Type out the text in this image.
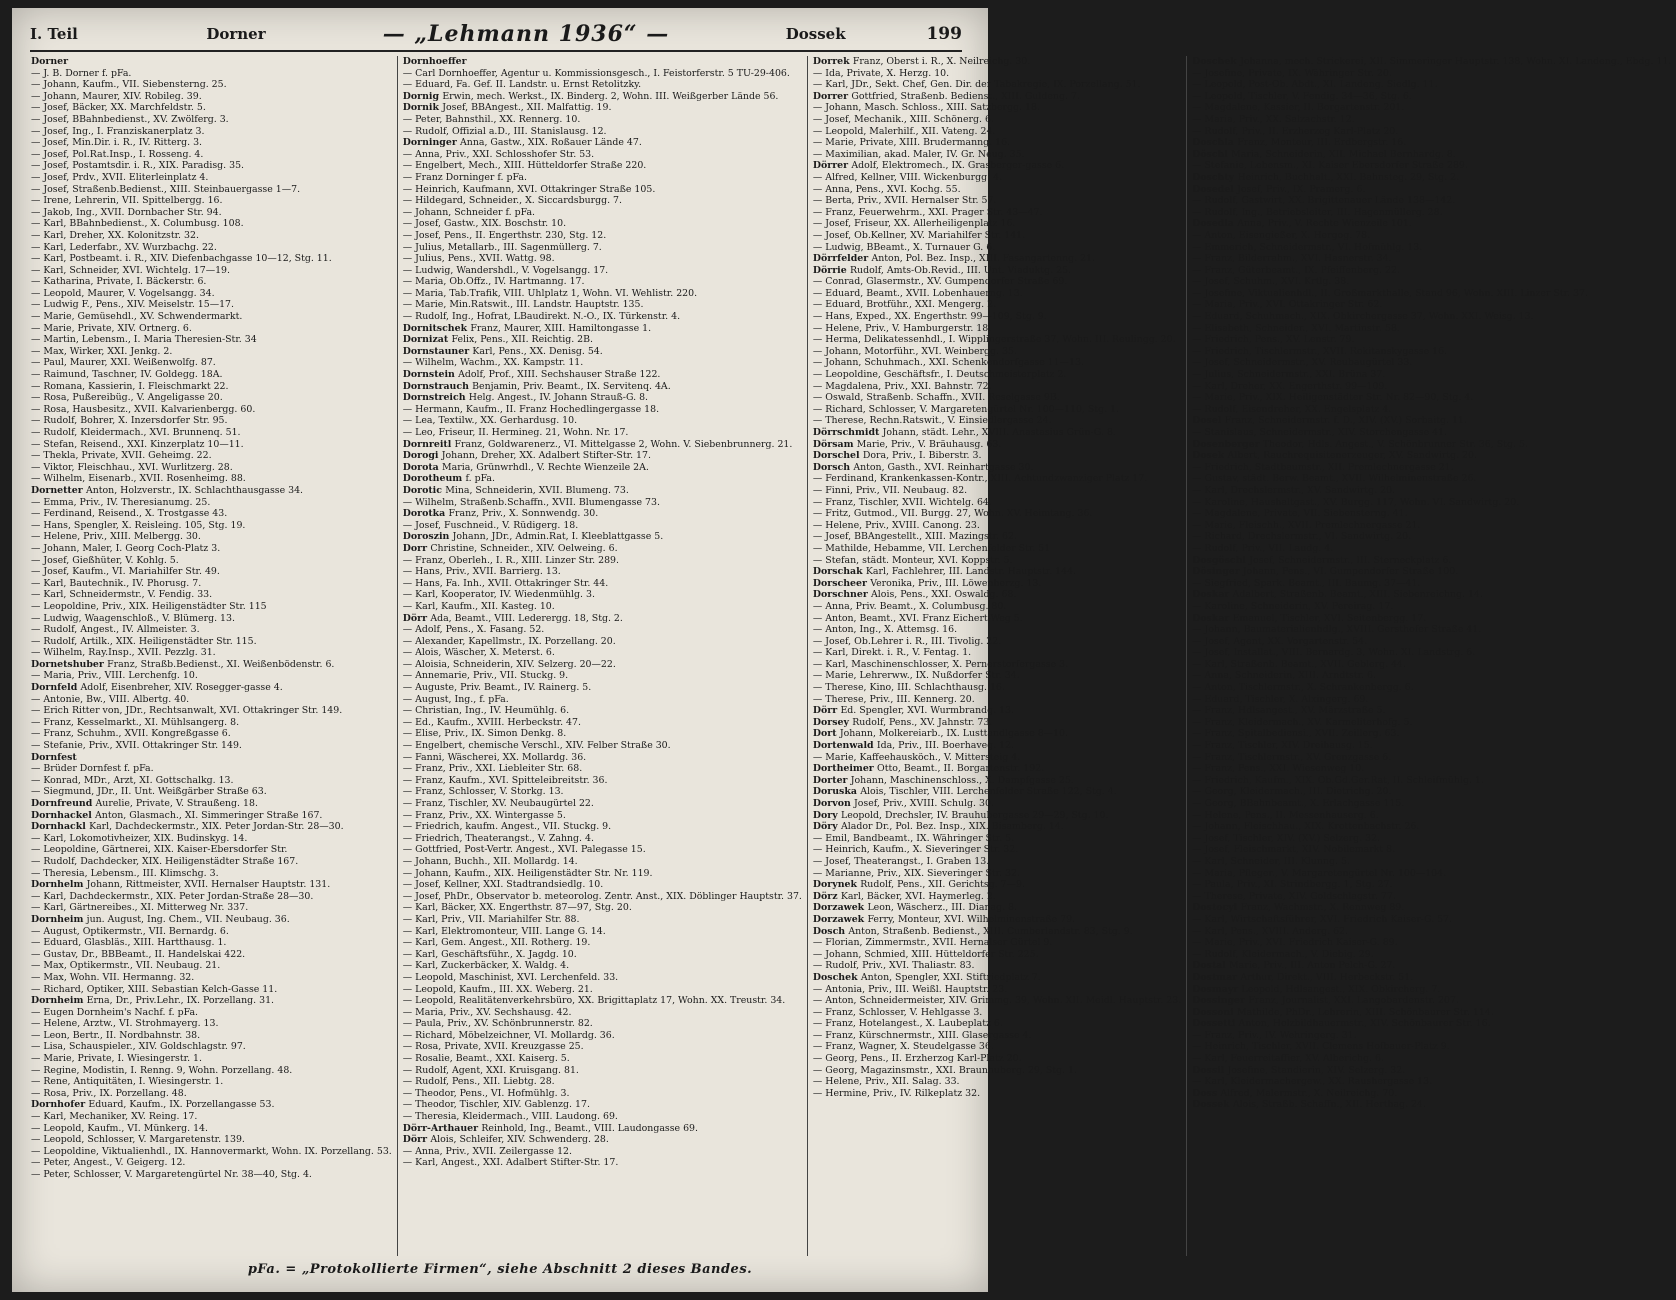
I. Teil	Dorner	— „Lehmann 1936“ —	Dossek	199
Dorner
— J. B. Dorner f. pFa.
— Johann, Kaufm., VII. Siebensterng. 25.
— Johann, Maurer, XIV. Robileg. 39.
— Josef, Bäcker, XX. Marchfeldstr. 5.
— Josef, BBahnbedienst., XV. Zwölferg. 3.
— Josef, Ing., I. Franziskanerplatz 3.
— Josef, Min.Dir. i. R., IV. Ritterg. 3.
— Josef, Pol.Rat.Insp., I. Rosseng. 4.
— Josef, Postamtsdir. i. R., XIX. Paradisg. 35.
— Josef, Prdv., XVII. Eliterleinplatz 4.
— Josef, Straßenb.Bedienst., XIII. Steinbauergasse 1—7.
— Irene, Lehrerin, VII. Spittelbergg. 16.
— Jakob, Ing., XVII. Dornbacher Str. 94.
— Karl, BBahnbedienst., X. Columbusg. 108.
— Karl, Dreher, XX. Kolonitzstr. 32.
— Karl, Lederfabr., XV. Wurzbachg. 22.
— Karl, Postbeamt. i. R., XIV. Diefenbachgasse 10—12, Stg. 11.
— Karl, Schneider, XVI. Wichtelg. 17—19.
— Katharina, Private, I. Bäckerstr. 6.
— Leopold, Maurer, V. Vogelsangg. 34.
— Ludwig F., Pens., XIV. Meiselstr. 15—17.
— Marie, Gemüsehdl., XV. Schwendermarkt.
— Marie, Private, XIV. Ortnerg. 6.
— Martin, Lebensm., I. Maria Theresien-Str. 34
— Max, Wirker, XXI. Jenkg. 2.
— Paul, Maurer, XXI. Weißenwolfg. 87.
— Raimund, Taschner, IV. Goldegg. 18A.
— Romana, Kassierin, I. Fleischmarkt 22.
— Rosa, Pußereibüg., V. Angeligasse 20.
— Rosa, Hausbesitz., XVII. Kalvarienbergg. 60.
— Rudolf, Bohrer, X. Inzersdorfer Str. 95.
— Rudolf, Kleidermach., XVI. Brunnenq. 51.
— Stefan, Reisend., XXI. Kinzerplatz 10—11.
— Thekla, Private, XVII. Geheimg. 22.
— Viktor, Fleischhau., XVI. Wurlitzerg. 28.
— Wilhelm, Eisenarb., XVII. Rosenheimg. 88.
Dornetter Anton, Holzverstr., IX. Schlachthausgasse 34.
— Emma, Priv., IV. Theresianumg. 25.
— Ferdinand, Reisend., X. Trostgasse 43.
— Hans, Spengler, X. Reisleing. 105, Stg. 19.
— Helene, Priv., XIII. Melbergg. 30.
— Johann, Maler, I. Georg Coch-Platz 3.
— Josef, Gießhüter, V. Kohlg. 5.
— Josef, Kaufm., VI. Mariahilfer Str. 49.
— Karl, Bautechnik., IV. Phorusg. 7.
— Karl, Schneidermstr., V. Fendig. 33.
— Leopoldine, Priv., XIX. Heiligenstädter Str. 115
— Ludwig, Waagenschloß., V. Blümerg. 13.
— Rudolf, Angest., IV. Allmeister. 3.
— Rudolf, Artilk., XIX. Heiligenstädter Str. 115.
— Wilhelm, Ray.Insp., XVII. Pezzlg. 31.
Dornetshuber Franz, Straßb.Bedienst., XI. Weißenbödenstr. 6.
— Maria, Priv., VIII. Lerchenfg. 10.
Dornfeld Adolf, Eisenbreher, XIV. Rosegger-gasse 4.
— Antonie, Bw., VIII. Albertg. 40.
— Erich Ritter von, JDr., Rechtsanwalt, XVI. Ottakringer Str. 149.
— Franz, Kesselmarkt., XI. Mühlsangerg. 8.
— Franz, Schuhm., XVII. Kongreßgasse 6.
— Stefanie, Priv., XVII. Ottakringer Str. 149.
Dornfest
— Brüder Dornfest f. pFa.
— Konrad, MDr., Arzt, XI. Gottschalkg. 13.
— Siegmund, JDr., II. Unt. Weißgärber Straße 63.
Dornfreund Aurelie, Private, V. Straußeng. 18.
Dornhackel Anton, Glasmach., XI. Simmeringer Straße 167.
Dornhackl Karl, Dachdeckermstr., XIX. Peter Jordan-Str. 28—30.
— Karl, Lokomotivheizer, XIX. Budinskyg. 14.
— Leopoldine, Gärtnerei, XIX. Kaiser-Ebersdorfer Str.
— Rudolf, Dachdecker, XIX. Heiligenstädter Straße 167.
— Theresia, Lebensm., III. Klimschg. 3.
Dornhelm Johann, Rittmeister, XVII. Hernalser Hauptstr. 131.
— Karl, Dachdeckermstr., XIX. Peter Jordan-Straße 28—30.
— Karl, Gärtnereibes., XI. Mitterweg Nr. 337.
Dornheim jun. August, Ing. Chem., VII. Neubaug. 36.
— August, Optikermstr., VII. Bernardg. 6.
— Eduard, Glasbläs., XIII. Hartthausg. 1.
— Gustav, Dr., BBBeamt., II. Handelskai 422.
— Max, Optikermstr., VII. Neubaug. 21.
— Max, Wohn. VII. Hermanng. 32.
— Richard, Optiker, XIII. Sebastian Kelch-Gasse 11.
Dornheim Erna, Dr., Priv.Lehr., IX. Porzellang. 31.
— Eugen Dornheim's Nachf. f. pFa.
— Helene, Arztw., VI. Strohmayerg. 13.
— Leon, Bertr., II. Nordbahnstr. 38.
— Lisa, Schauspieler., XIV. Goldschlagstr. 97.
— Marie, Private, I. Wiesingerstr. 1.
— Regine, Modistin, I. Renng. 9, Wohn. Porzellang. 48.
— Rene, Antiquitäten, I. Wiesingerstr. 1.
— Rosa, Priv., IX. Porzellang. 48.
Dornhofer Eduard, Kaufm., IX. Porzellangasse 53.
— Karl, Mechaniker, XV. Reing. 17.
— Leopold, Kaufm., VI. Münkerg. 14.
— Leopold, Schlosser, V. Margaretenstr. 139.
— Leopoldine, Viktualienhdl., IX. Hannovermarkt, Wohn. IX. Porzellang. 53.
— Peter, Angest., V. Geigerg. 12.
— Peter, Schlosser, V. Margaretengürtel Nr. 38—40, Stg. 4.
Dornhoeffer
— Carl Dornhoeffer, Agentur u. Kommissionsgesch., I. Feistorferstr. 5 TU-29-406.
— Eduard, Fa. Gef. II. Landstr. u. Ernst Retolitzky.
Dornig Erwin, mech. Werkst., IX. Binderg. 2, Wohn. III. Weißgerber Lände 56.
Dornik Josef, BBAngest., XII. Malfattig. 19.
— Peter, Bahnsthil., XX. Rennerg. 10.
— Rudolf, Offizial a.D., III. Stanislausg. 12.
Dorninger Anna, Gastw., XIX. Roßauer Lände 47.
— Anna, Priv., XXI. Schlosshofer Str. 53.
— Engelbert, Mech., XIII. Hütteldorfer Straße 220.
— Franz Dorninger f. pFa.
— Heinrich, Kaufmann, XVI. Ottakringer Straße 105.
— Hildegard, Schneider., X. Siccardsburgg. 7.
— Johann, Schneider f. pFa.
— Josef, Gastw., XIX. Boschstr. 10.
— Josef, Pens., II. Engerthstr. 230, Stg. 12.
— Julius, Metallarb., III. Sagenmüllerg. 7.
— Julius, Pens., XVII. Wattg. 98.
— Ludwig, Wandershdl., V. Vogelsangg. 17.
— Maria, Ob.Offz., IV. Hartmanng. 17.
— Maria, Tab.Trafik, VIII. Uhlplatz 1, Wohn. VI. Wehlistr. 220.
— Marie, Min.Ratswit., III. Landstr. Hauptstr. 135.
— Rudolf, Ing., Hofrat, LBaudirekt. N.-O., IX. Türkenstr. 4.
Dornitschek Franz, Maurer, XIII. Hamiltongasse 1.
Dornizat Felix, Pens., XII. Reichtig. 2B.
Dornstauner Karl, Pens., XX. Denisg. 54.
— Wilhelm, Wachm., XX. Kampstr. 11.
Dornstein Adolf, Prof., XIII. Sechshauser Straße 122.
Dornstrauch Benjamin, Priv. Beamt., IX. Servitenq. 4A.
Dornstreich Helg. Angest., IV. Johann Strauß-G. 8.
— Hermann, Kaufm., II. Franz Hochedlingergasse 18.
— Lea, Textilw., XX. Gerhardusg. 10.
— Leo, Friseur, II. Hermineg. 21, Wohn. Nr. 17.
Dornreitl Franz, Goldwarenerz., VI. Mittelgasse 2, Wohn. V. Siebenbrunnerg. 21.
Dorogi Johann, Dreher, XX. Adalbert Stifter-Str. 17.
Dorota Maria, Grünwrhdl., V. Rechte Wienzeile 2A.
Dorotheum f. pFa.
Dorotic Mina, Schneiderin, XVII. Blumeng. 73.
— Wilhelm, Straßenb.Schaffn., XVII. Blumengasse 73.
Dorotka Franz, Priv., X. Sonnwendg. 30.
— Josef, Fuschneid., V. Rüdigerg. 18.
Doroszin Johann, JDr., Admin.Rat, I. Kleeblattgasse 5.
Dorr Christine, Schneider., XIV. Oelweing. 6.
— Franz, Oberleh., I. R., XIII. Linzer Str. 289.
— Hans, Priv., XVII. Barrierg. 13.
— Hans, Fa. Inh., XVII. Ottakringer Str. 44.
— Karl, Kooperator, IV. Wiedenmühlg. 3.
— Karl, Kaufm., XII. Kasteg. 10.
Dörr Ada, Beamt., VIII. Lederergg. 18, Stg. 2.
— Adolf, Pens., X. Fasang. 52.
— Alexander, Kapellmstr., IX. Porzellang. 20.
— Alois, Wäscher, X. Meterst. 6.
— Aloisia, Schneiderin, XIV. Selzerg. 20—22.
— Annemarie, Priv., VII. Stuckg. 9.
— Auguste, Priv. Beamt., IV. Rainerg. 5.
— August, Ing., f. pFa.
— Christian, Ing., IV. Heumühlg. 6.
— Ed., Kaufm., XVIII. Herbeckstr. 47.
— Elise, Priv., IX. Simon Denkg. 8.
— Engelbert, chemische Verschl., XIV. Felber Straße 30.
— Fanni, Wäscherei, XX. Mollardg. 36.
— Franz, Priv., XXI. Liebleiter Str. 68.
— Franz, Kaufm., XVI. Spitteleibreitstr. 36.
— Franz, Schlosser, V. Storkg. 13.
— Franz, Tischler, XV. Neubaugürtel 22.
— Franz, Priv., XX. Wintergasse 5.
— Friedrich, kaufm. Angest., VII. Stuckg. 9.
— Friedrich, Theaterangst., V. Zahng. 4.
— Gottfried, Post-Vertr. Angest., XVI. Palegasse 15.
— Johann, Buchh., XII. Mollardg. 14.
— Johann, Kaufm., XIX. Heiligenstädter Str. Nr. 119.
— Josef, Kellner, XXI. Stadtrandsiedlg. 10.
— Josef, PhDr., Observator b. meteorolog. Zentr. Anst., XIX. Döblinger Hauptstr. 37.
— Karl, Bäcker, XX. Engerthstr. 87—97, Stg. 20.
— Karl, Priv., VII. Mariahilfer Str. 88.
— Karl, Elektromonteur, VIII. Lange G. 14.
— Karl, Gem. Angest., XII. Rotherg. 19.
— Karl, Geschäftsführ., X. Jagdg. 10.
— Karl, Zuckerbäcker, X. Waldg. 4.
— Leopold, Maschinist, XVI. Lerchenfeld. 33.
— Leopold, Kaufm., III. XX. Weberg. 21.
— Leopold, Realitätenverkehrsbüro, XX. Brigittaplatz 17, Wohn. XX. Treustr. 34.
— Maria, Priv., XV. Sechshausg. 42.
— Paula, Priv., XV. Schönbrunnerstr. 82.
— Richard, Möbelzeichner, VI. Mollardg. 36.
— Rosa, Private, XVII. Kreuzgasse 25.
— Rosalie, Beamt., XXI. Kaiserg. 5.
— Rudolf, Agent, XXI. Kruisgang. 81.
— Rudolf, Pens., XII. Liebtg. 28.
— Theodor, Pens., VI. Hofmühlg. 3.
— Theodor, Tischler, XIV. Gablenzg. 17.
— Theresia, Kleidermach., VIII. Laudong. 69.
Dörr-Arthauer Reinhold, Ing., Beamt., VIII. Laudongasse 69.
Dörr Alois, Schleifer, XIV. Schwenderg. 28.
— Anna, Priv., XVII. Zeilergasse 12.
— Karl, Angest., XXI. Adalbert Stifter-Str. 17.
Dorrek Franz, Oberst i. R., X. Neilreichg. 30.
— Ida, Private, X. Herzg. 10.
— Karl, JDr., Sekt. Chef, Gen. Dir. der Tabakregie, IX. Porzellang. 51.
Dorrer Gottfried, Straßenb. Bedienst., XIII. Guldeng. 7.
— Johann, Masch. Schloss., XIII. Satzbergg. 18.
— Josef, Mechanik., XIII. Schönerg. 6.
— Leopold, Malerhilf., XII. Vateng. 24.
— Marie, Private, XIII. Brudermanng. 16.
— Maximilian, akad. Maler, IV. Gr. Neug. 35.
Dörrer Adolf, Elektromech., IX. Grasberger-gasse 6.
— Alfred, Kellner, VIII. Wickenburgg. 4.
— Anna, Pens., XVI. Kochg. 55.
— Berta, Priv., XVII. Hernalser Str. 57.
— Franz, Feuerwehrm., XXI. Prager Str. 43—47.
— Josef, Friseur, XX. Allerheiligenplatz 16.
— Josef, Ob.Kellner, XV. Mariahilfer Str. 141.
— Ludwig, BBeamt., X. Turnauer G. 6.
Dörrfelder Anton, Pol. Bez. Insp., XIII. Fasangartenng. 21.
Dörrie Rudolf, Amts-Ob.Revid., III. Unt. Viaduktg. 25.
— Conrad, Glasermstr., XV. Gumpendorfer Straße 69.
— Eduard, Beamt., XVII. Lobenhauerng. 13.
— Eduard, Brotführ., XXI. Mengerg. 2.
— Hans, Exped., XX. Engerthstr. 99—109, Stg. 9.
— Helene, Priv., V. Hamburgerstr. 18.
— Herma, Delikatessenhdl., I. Wipplingerstraße 37, Wohn. III. Reulingg. 20.
— Johann, Motorführ., XVI. Weinbergg. 35.
— Johann, Schuhmach., XXI. Schenkendorfgasse 11—13.
— Leopoldine, Geschäftsfr., I. Deutschmeisterplatz 2.
— Magdalena, Priv., XXI. Bahnstr. 72.
— Oswald, Straßenb. Schaffn., XVII. Reselgasse 9B.
— Richard, Schlosser, V. Margaretengürtel Nr. 100—110, Stg. 1.
— Therese, Rechn.Ratswit., V. Einsiedlergasse 24.
Dörrschmidt Johann, städt. Lehr., XVIII. Anastasius Grün-G. 8.
Dörsam Marie, Priv., V. Bräuhausg. 63.
Dorschel Dora, Priv., I. Biberstr. 3.
Dorsch Anton, Gasth., XVI. Reinhartgasse 30.
— Ferdinand, Krankenkassen-Kontr., XIII. Achtundzwanziger Platz 17.
— Finni, Priv., VII. Neubaug. 82.
— Franz, Tischler, XVII. Wichtelg. 64.
— Fritz, Gutmod., VII. Burgg. 27, Wohn. XV. Heimtang. 36.
— Helene, Priv., XVIII. Canong. 23.
— Josef, BBAngestellt., XIII. Mazingstr. 62.
— Mathilde, Hebamme, VII. Lerchenfelder Str. 51
— Stefan, städt. Monteur, XVI. Koppstr. 5.
Dorschak Karl, Fachlehrer, III. Landstr. Hauptstr. 144.
Dorscheer Veronika, Priv., III. Löwenherzg. 13.
Dorschner Alois, Pens., XXI. Oswaldg. 68.
— Anna, Priv. Beamt., X. Columbusg. 80.
— Anton, Beamt., XVI. Franz Eichert-Weg 5.
— Anton, Ing., X. Attemsg. 16.
— Josef, Ob.Lehrer i. R., III. Tivolig. 22.
— Karl, Direkt. i. R., V. Fentag. 1.
— Karl, Maschinenschlosser, X. Pernerstorfergasse 3.
— Marie, Lehrerww., IX. Nußdorfer Str. 34.
— Therese, Kino, III. Schlachthausg. 16.
— Therese, Priv., III. Kennerg. 20.
Dörr Ed. Spengler, XVI. Wurmbrandg. 13.
Dorsey Rudolf, Pens., XV. Jahnstr. 73.
Dort Johann, Molkereiarb., IX. Lusttandlgasse 8—10.
Dortenwald Ida, Priv., III. Boerhaveg. 12.
— Marie, Kaffeehausköch., V. Mittersteig 4.
Dortheimer Otto, Beamt., II. Borgartenstr. 192.
Dorter Johann, Maschinenschloss., X. Dampfgasse 25.
Doruska Alois, Tischler, VIII. Lerchenfelder Straße 122, Stg. 4.
Dorvon Josef, Priv., XVIII. Schulg. 30.
Dory Leopold, Drechsler, IV. Brauhubergasse 29—29, Stg. 10.
Döry Alador Dr., Pol. Bez. Insp., XIX. Bisamberg. 14.
— Emil, Bandbeamt., IX. Währinger Str. 5.
— Heinrich, Kaufm., X. Sieveringer Str. 32.
— Josef, Theaterangst., I. Graben 13.
— Marianne, Priv., XIX. Sieveringer Str. 32.
Dorynek Rudolf, Pens., XII. Gerichtsg. 7—9.
Dörz Karl, Bäcker, XVI. Haymerleg. 2.
Dorzawek Leon, Wäscherz., III. Dianag. 8.
Dorzawek Ferry, Monteur, XVI. Wilhelminenstraße 79.
Dosch Anton, Straßenb. Bedienst., XIII. Cumberlandstr. 83, Stg. 9.
— Florian, Zimmermstr., XVII. Hernalser Gürtel 9.
— Johann, Schmied, XIII. Hütteldorfer Str. 225.
— Rudolf, Priv., XVI. Thaliastr. 83.
Doschek Anton, Spengler, XXI. Stiftriedplatz 7.
— Antonia, Priv., III. Weißl. Hauptstr. 23.
— Anton, Schneidermeister, XIV. Grimmg. 39, Wohn. XII. Meidl. Hauptstr. 23.
— Franz, Schlosser, V. Hehlgasse 3.
— Franz, Hotelangest., X. Laubeplatz 6.
— Franz, Kürschnermstr., XIII. Glasergasse 4.
— Franz, Wagner, X. Steudelgasse 36.
— Georg, Pens., II. Erzherzog Karl-Platz 20.
— Georg, Magazinsmstr., XXI. Braunhuberg. 29, Stg. 1.
— Helene, Priv., XII. Salag. 33.
— Hermine, Priv., IV. Rilkeplatz 32.
Doschek Johanna, mech. Strickerei, XII. Simmeringer Hauptstr. 138, Wohn. XI. Landeng., Ebdg. 11.
— Josefine, Private, IX. Währinger Str. 20.
— Leopold, Post-Ob. Abdt., XI. Landeng. Siedlg. 11.
— Leopold, Tischler, V. Fendig. 34—36, Stg. 6.
— Magdalene, Kassier, II. Borgartenstr. 201.
— Maria, Priv., XX. Salzachstr. 12.
— Rudolf, Priv., II. Erzherzog Karl-Platz 20.
Doschla Franz, Monteur, III. Erdbergstr. 16.
Döschl Maria, Schneiderin, XII. Michael Bernhardg. 8.
— Stefanie, Lebensm., XI. Kaiser Ebersdorfer Straße 289.
Doschty Heinrich, Buchhalt., XXI. Bahnsteg. 29, Stg. 2.
Dosedel Josef, Priv., IX. Pramerg. 6.
— Rudolf, Gastwirt, XX. Brigittenauer Lände 138—142.
— Rudolf, Ing., Betriebsleiter, III. Hagenmüllerg. 28.
Dosedla Anna, Priv., V. Rechte Wienzeile 101.
— Anton, Eisengießer, X. Hergog. 78.
— Emmerich, Schneidermstr., VI. Hofmühlg. 13.
— Franz, Bilderrahm., XVI. Hasnerstr. 34.
— Franz, Güterbeamt., IX. Pfeiffenberg. 22.
— Josef, Schuhm., XVI. Krtlg. 38.
— Josefine, Viktualienhdl., II. Großmarkthalle, Stand 96, Wohn. XIII. Linzer Str. 37.
— Maria, Priv., XVI. Ottakringer Str. 62.
— Eduard, Schuhmach., XIX. Obkirchergasse 37, Wohn. XXI. Weisg. 13.
— Elisabeth, Schneider., XVI. Martinstr. 58.
— Friedrich, Pens., XV. Lenstr. 79.
— Friedrich, Tischlermstr., XVII. Rokitanskygasse 16.
— Josef, Schneidermstr., XV. Reubaugürtel 33.
— Julius, Schneidermstr., XXI. Brüna 37.
— Karl, Dreher, XX. Engerthstr. 99—109.
— Marie, Priv., XIX. Heiligenstädter Str. Nr. 82—90, Stg. 4.
— Rudolf, Eisendreher, XX. Engelsplatz 4.
Dosel Franz, Schneidermstr. f. D., XIV. (XV.) Sorbaitg. 11.
— Stanislaus, Schneidermstr., XIV. Storchengasse 41.
Dosenberger Theodor, Hdls. Angest., V. Schönbrunner Str. 36, Stg. 5.
Dosek Albert, Rauchrequisitenerzeuger, XV. Sandwirtg. 20.
— Friedrich, Stadtbaumstr., XII. Premlechnergasse 21.
— Gustav, städt. Berw. Beamt., XVII. Wilhelminenstraße 26.
— Karl, Drechslermstr., XV. Sandwirtg. 20.
— Karoline, Haushaltgast., XV. Burgg. 117, Wohn. VI. Sandwirtg. 20.
— Magdalene, Private, VII. Siebensterng. 41.
— Marie, Fleischh., XVII. Premlechnergasse 21.
— Richard, Drechslermstr., VI. Sandwirtg. 20.
— Rudolf, Priv., VII. Laudg. 4.
Dosgöschl Josef, Schneidermstr., III. Sterneckplatz 6.
Dösinger Johann, Pens., VI. Gumpendorfer Straße 100.
— Siegfried, Spark. Beamt., III. Baumg. 37—41.
Doskar Adalbert, Straßenb. Beamt., XIII. Siebenreichng. 14.
— Karoline, Schneiderin, XV. Pereirag. 17.
Doskar Emanuel, Tischler, XVI. Seitenbergg. 17.
— Johann, Baumaterialienhdlg., XVIII. Gersthofer Straße 41.
— Josef, Agent, XX. Vorgartenstr. 54.
— Josef, Installat., VIII. Bernardg. 3, Wohn. XI. Landstrg. 6.
— Karl, Straßenb. Beamt., XVII. Geblerg. 44.
— Anna, Schneiderin, XIII. Arndtstr. 6.
— Anton, Tischlermstr., X. Schrankenbergg. 6.
— Eduard, Tischler, X. Alxingerg. 69.
— Franz, Hdlsangest., XV. Märzstraße 5.
— Franz, Kleidermach., XV. Karmeliterhofg. 5.
— Franz, Spitalbediensi., XVII. Zeillerg. 63.
— Franz, Tischler, XIV. Dreihausg. 15.
— Franz, Tischlermstr., XV. Grenzgasse 6.
— Franz, Pens., XXI. Wiesenweg 10.
— Friedrich, Kaufm., XIX. Ob.Gd.Ger.Rat, II. Schleifmühlg. 1.
— Georg, Kleidermach., III. Dietrichg. 20.
— Georg, BBahnbeamt., X. Erlachgasse 115.
— Helene, Pens., II. Messenhauserg. 6.
— Johann, Fleischhau., XIX. Krottenbachstr. 26.
— Josef, Tischler, XIV. (XV.) Selzerg. 32.
— Josef, Fleischmarkt, XIV. Nobilemarkt 8.
— Karl, Schneider, III. Klunng. 5.
— Maria, Pfleger., V. Margaretengürtel Nr. 100—104.
— Paula, Priv., XI. Strindbergg. 1, Stg. 27.
— Therese, Private, XIV. Goldschlagstr. 77.
Dostocyl Franz, Wachmstr., X. Rennweg 89.
— Karl, Wirtschaftsführer, XVI. Friedrich Kaiser-G. 57.
— Karl, Pens., XVIII. Anderg. 62.
— Marie, Priv., XVI. Friedrich Kaiser-G. 89.
— Rudolf, Kleidermach., V. Diebig. 29.
Dostal Marie, Priv., III. Anton Pelch-G. 27.
Dostmar Arthur, Direkt., VIII. Herbeckstr. 51.
Dosmayr Leopold, Hdlsangest., XIX. Obkircherg. 7.
Dossinger Franz, Journalist, XXI. Langobardenstr. 207.
Dossoni Mathilde, PhDr., Lehrerin, XIII. Schönbaurer Str. 114.
Dossetti Anton, Holzbildhauermstr., XIV. Schönbaurer Str. 16.
— Franz, Priv., IV. Wehringerg. 31.
— Heinrich, Tischler, XVII. Clemens Hofbauer-Platz 9.
— Karl, Feuerreitaffier, XV. Alberichg. 6.
Dossil Josefine, Standierin, XIV. Selzerg. 32.
— Karl, Kleidermachergew., XX. Raushergasse 13.
Doss Alfred, Malermstr., X. Neilreichg. 70.
Dossek Alois, Straßb. Schaffn., XII. Herthag. 24.
pFa. = „Protokollierte Firmen“, siehe Abschnitt 2 dieses Bandes.
